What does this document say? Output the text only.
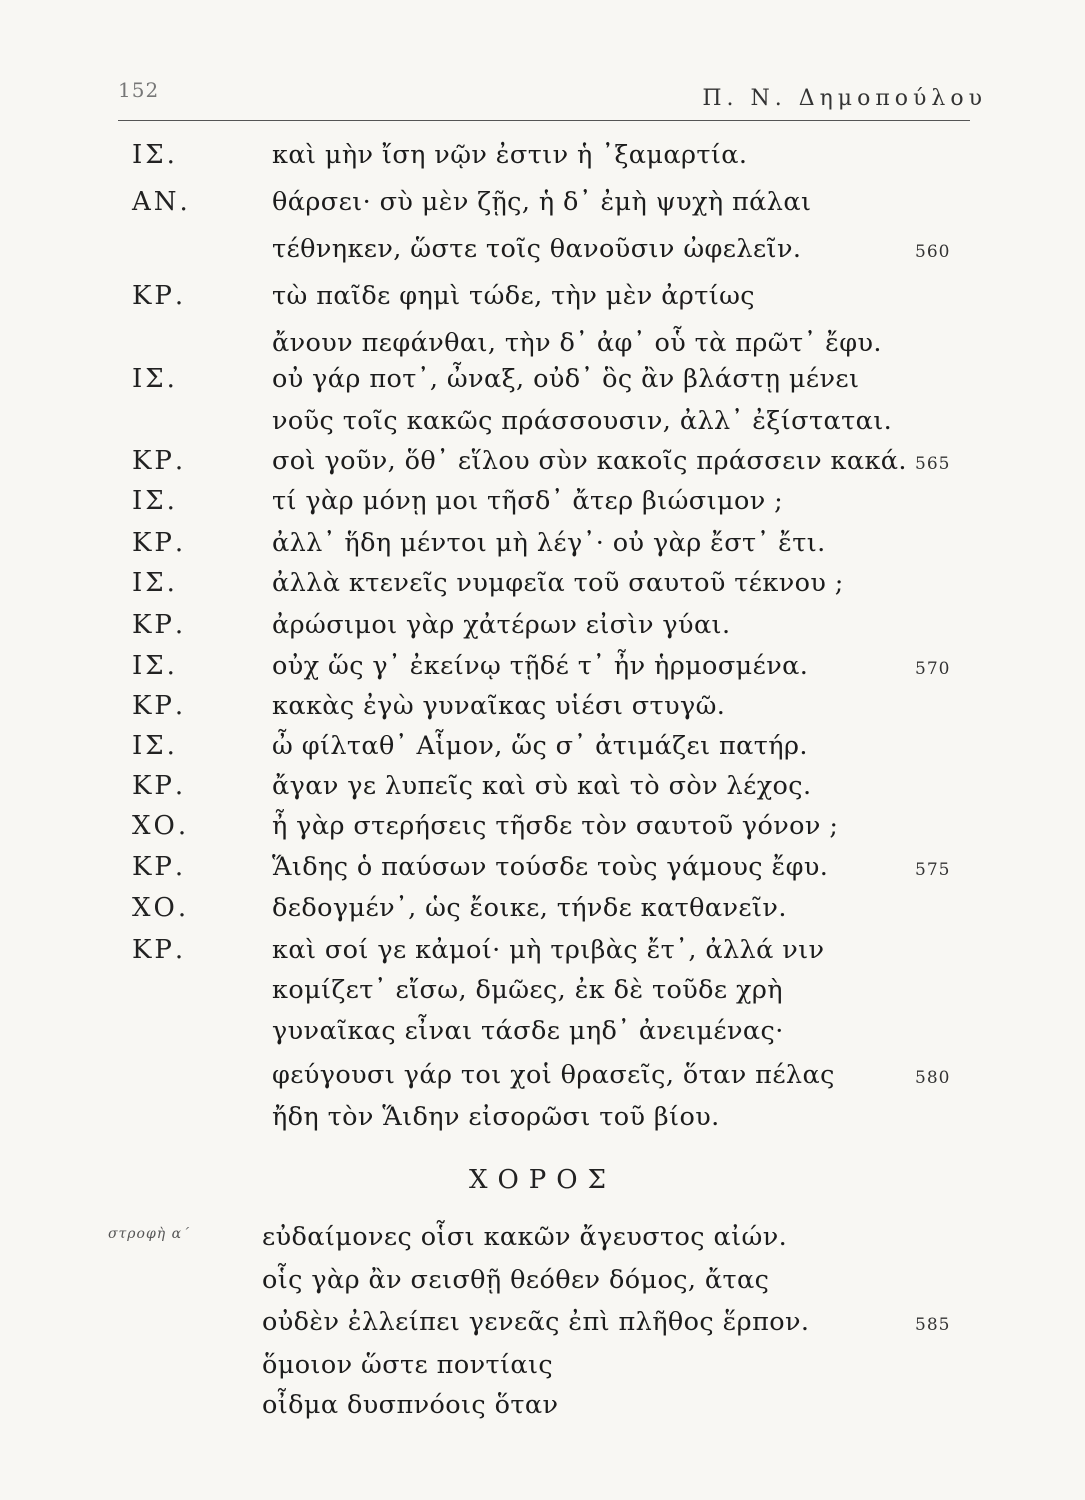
152	Π. Ν. Δημοπούλου
ΙΣ.	καὶ μὴν ἴση νῷν ἐστιν ἡ ᾿ξαμαρτία.
ΑΝ.	θάρσει· σὺ μὲν ζῇς, ἡ δ᾿ ἐμὴ ψυχὴ πάλαι
τέθνηκεν, ὥστε τοῖς θανοῦσιν ὠφελεῖν.	560
ΚΡ.	τὼ παῖδε φημὶ τώδε, τὴν μὲν ἀρτίως
ἄνουν πεφάνθαι, τὴν δ᾿ ἀφ᾿ οὗ τὰ πρῶτ᾿ ἔφυ.
ΙΣ.	οὐ γάρ ποτ᾿, ὦναξ, οὐδ᾿ ὃς ἂν βλάστῃ μένει
νοῦς τοῖς κακῶς πράσσουσιν, ἀλλ᾿ ἐξίσταται.
ΚΡ.	σοὶ γοῦν, ὅθ᾿ εἵλου σὺν κακοῖς πράσσειν κακά. 565
ΙΣ.	τί γὰρ μόνῃ μοι τῆσδ᾿ ἄτερ βιώσιμον ;
ΚΡ.	ἀλλ᾿ ἥδη μέντοι μὴ λέγ᾿· οὐ γὰρ ἔστ᾿ ἔτι.
ΙΣ.	ἀλλὰ κτενεῖς νυμφεῖα τοῦ σαυτοῦ τέκνου ;
ΚΡ.	ἀρώσιμοι γὰρ χἀτέρων εἰσὶν γύαι.
ΙΣ.	οὐχ ὥς γ᾿ ἐκείνῳ τῇδέ τ᾿ ἦν ἡρμοσμένα.	570
ΚΡ.	κακὰς ἐγὼ γυναῖκας υἱέσι στυγῶ.
ΙΣ.	ὦ φίλταθ᾿ Αἷμον, ὥς σ᾿ ἀτιμάζει πατήρ.
ΚΡ.	ἄγαν γε λυπεῖς καὶ σὺ καὶ τὸ σὸν λέχος.
ΧΟ.	ἦ γὰρ στερήσεις τῆσδε τὸν σαυτοῦ γόνον ;
ΚΡ.	Ἅιδης ὁ παύσων τούσδε τοὺς γάμους ἔφυ.	575
ΧΟ.	δεδογμέν᾿, ὡς ἔοικε, τήνδε κατθανεῖν.
ΚΡ.	καὶ σοί γε κἀμοί· μὴ τριβὰς ἔτ᾿, ἀλλά νιν
κομίζετ᾿ εἴσω, δμῶες, ἐκ δὲ τοῦδε χρὴ
γυναῖκας εἶναι τάσδε μηδ᾿ ἀνειμένας·
φεύγουσι γάρ τοι χοἱ θρασεῖς, ὅταν πέλας	580
ἤδη τὸν Ἅιδην εἰσορῶσι τοῦ βίου.
ΧΟΡΟΣ
στροφὴ α΄	εὐδαίμονες οἷσι κακῶν ἄγευστος αἰών.
οἷς γὰρ ἂν σεισθῇ θεόθεν δόμος, ἄτας
οὐδὲν ἐλλείπει γενεᾶς ἐπὶ πλῆθος ἕρπον.	585
ὅμοιον ὥστε ποντίαις
οἶδμα δυσπνόοις ὅταν
